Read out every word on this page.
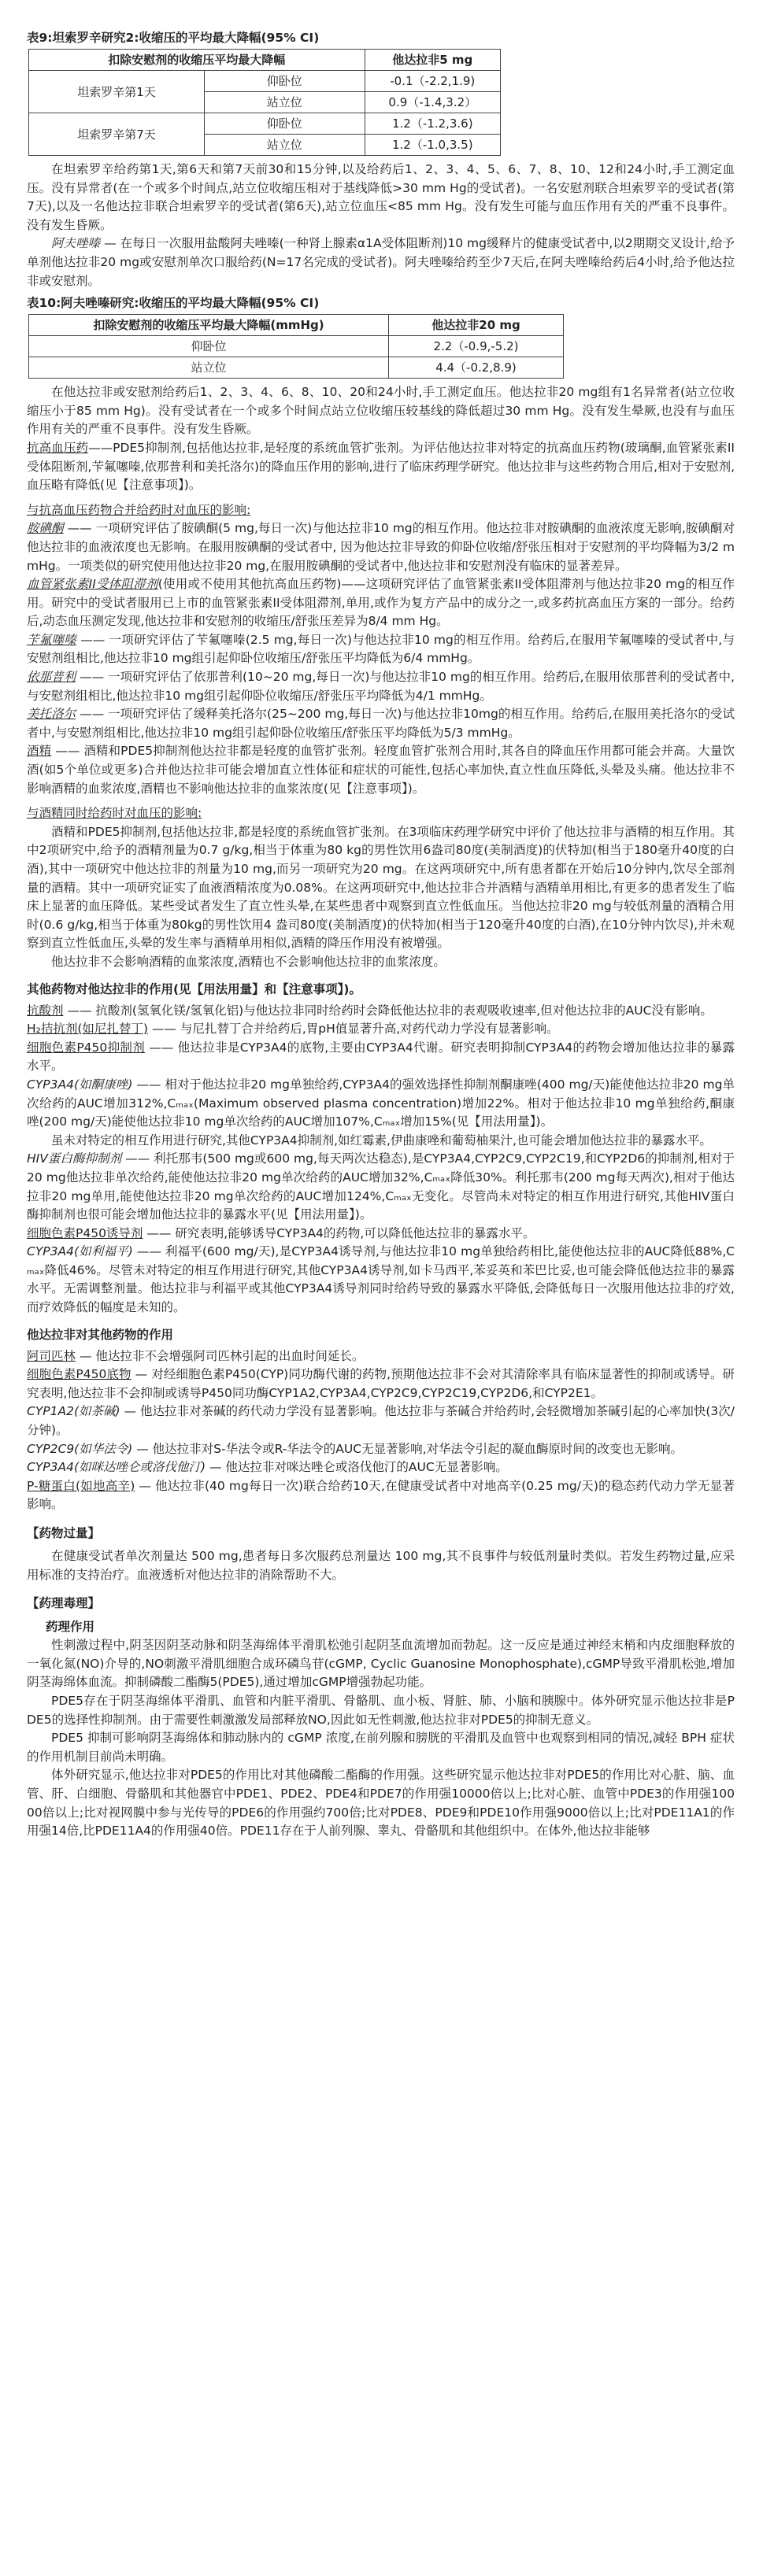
表9:坦索罗辛研究2:收缩压的平均最大降幅(95% CI)

扣除安慰剂的收缩压平均最大降幅		他达拉非5 mg
坦索罗辛第1天	仰卧位	-0.1（-2.2,1.9)
	站立位	0.9（-1.4,3.2）
坦索罗辛第7天	仰卧位	1.2（-1.2,3.6)
	站立位	1.2（-1.0,3.5)

在坦索罗辛给药第1天,第6天和第7天前30和15分钟,以及给药后1、2、3、4、5、6、7、8、10、12和24小时,手工测定血压。没有异常者(在一个或多个时间点,站立位收缩压相对于基线降低>30 mm Hg的受试者)。一名安慰剂联合坦索罗辛的受试者(第7天),以及一名他达拉非联合坦索罗辛的受试者(第6天),站立位血压<85 mm Hg。没有发生可能与血压作用有关的严重不良事件。没有发生昏厥。

阿夫唑嗪 — 在每日一次服用盐酸阿夫唑嗪(一种肾上腺素α1A受体阻断剂)10 mg缓释片的健康受试者中,以2期期交叉设计,给予单剂他达拉非20 mg或安慰剂单次口服给药(N=17名完成的受试者)。阿夫唑嗪给药至少7天后,在阿夫唑嗪给药后4小时,给予他达拉非或安慰剂。

表10:阿夫唑嗪研究:收缩压的平均最大降幅(95% CI)

扣除安慰剂的收缩压平均最大降幅(mmHg)	他达拉非20 mg
仰卧位	2.2（-0.9,-5.2)
站立位	4.4（-0.2,8.9)

在他达拉非或安慰剂给药后1、2、3、4、6、8、10、20和24小时,手工测定血压。他达拉非20 mg组有1名异常者(站立位收缩压小于85 mm Hg)。没有受试者在一个或多个时间点站立位收缩压较基线的降低超过30 mm Hg。没有发生晕厥,也没有与血压作用有关的严重不良事件。没有发生昏厥。

抗高血压药——PDE5抑制剂,包括他达拉非,是轻度的系统血管扩张剂。为评估他达拉非对特定的抗高血压药物(玻璃酮,血管紧张素II受体阻断剂,苄氟噻嗪,依那普利和美托洛尔)的降血压作用的影响,进行了临床药理学研究。他达拉非与这些药物合用后,相对于安慰剂,血压略有降低(见【注意事项】)。

与抗高血压药物合并给药时对血压的影响:

胺碘酮 —— 一项研究评估了胺碘酮(5 mg,每日一次)与他达拉非10 mg的相互作用。他达拉非对胺碘酮的血液浓度无影响,胺碘酮对他达拉非的血液浓度也无影响。在服用胺碘酮的受试者中, 因为他达拉非导致的仰卧位收缩/舒张压相对于安慰剂的平均降幅为3/2 mmHg。一项类似的研究使用他达拉非20 mg,在服用胺碘酮的受试者中,他达拉非和安慰剂没有临床的显著差异。

血管紧张素II受体阻滞剂(使用或不使用其他抗高血压药物)——这项研究评估了血管紧张素II受体阻滞剂与他达拉非20 mg的相互作用。研究中的受试者服用已上市的血管紧张素II受体阻滞剂,单用,或作为复方产品中的成分之一,或多药抗高血压方案的一部分。给药后,动态血压测定发现,他达拉非和安慰剂的收缩压/舒张压差异为8/4 mm Hg。

苄氟噻嗪 —— 一项研究评估了苄氟噻嗪(2.5 mg,每日一次)与他达拉非10 mg的相互作用。给药后,在服用苄氟噻嗪的受试者中,与安慰剂组相比,他达拉非10 mg组引起仰卧位收缩压/舒张压平均降低为6/4 mmHg。

依那普利 —— 一项研究评估了依那普利(10~20 mg,每日一次)与他达拉非10 mg的相互作用。给药后,在服用依那普利的受试者中,与安慰剂组相比,他达拉非10 mg组引起仰卧位收缩压/舒张压平均降低为4/1 mmHg。

美托洛尔 —— 一项研究评估了缓释美托洛尔(25~200 mg,每日一次)与他达拉非10mg的相互作用。给药后,在服用美托洛尔的受试者中,与安慰剂组相比,他达拉非10 mg组引起仰卧位收缩压/舒张压平均降低为5/3 mmHg。

酒精 —— 酒精和PDE5抑制剂他达拉非都是轻度的血管扩张剂。轻度血管扩张剂合用时,其各自的降血压作用都可能会并高。大量饮酒(如5个单位或更多)合并他达拉非可能会增加直立性体征和症状的可能性,包括心率加快,直立性血压降低,头晕及头痛。他达拉非不影响酒精的血浆浓度,酒精也不影响他达拉非的血浆浓度(见【注意事项】)。

与酒精同时给药时对血压的影响:

酒精和PDE5抑制剂,包括他达拉非,都是轻度的系统血管扩张剂。在3项临床药理学研究中评价了他达拉非与酒精的相互作用。其中2项研究中,给予的酒精剂量为0.7 g/kg,相当于体重为80 kg的男性饮用6盎司80度(美制酒度)的伏特加(相当于180毫升40度的白酒),其中一项研究中他达拉非的剂量为10 mg,而另一项研究为20 mg。在这两项研究中,所有患者都在开始后10分钟内,饮尽全部剂量的酒精。其中一项研究证实了血液酒精浓度为0.08%。在这两项研究中,他达拉非合并酒精与酒精单用相比,有更多的患者发生了临床上显著的血压降低。某些受试者发生了直立性头晕,在某些患者中观察到直立性低血压。当他达拉非20 mg与较低剂量的酒精合用时(0.6 g/kg,相当于体重为80kg的男性饮用4 盎司80度(美制酒度)的伏特加(相当于120毫升40度的白酒),在10分钟内饮尽),并未观察到直立性低血压,头晕的发生率与酒精单用相似,酒精的降压作用没有被增强。

他达拉非不会影响酒精的血浆浓度,酒精也不会影响他达拉非的血浆浓度。

其他药物对他达拉非的作用(见【用法用量】和【注意事项】)。

抗酸剂 —— 抗酸剂(氢氧化镁/氢氧化铝)与他达拉非同时给药时会降低他达拉非的表观吸收速率,但对他达拉非的AUC没有影响。

H₂拮抗剂(如尼扎替丁) —— 与尼扎替丁合并给药后,胃pH值显著升高,对药代动力学没有显著影响。

细胞色素P450抑制剂 —— 他达拉非是CYP3A4的底物,主要由CYP3A4代谢。研究表明抑制CYP3A4的药物会增加他达拉非的暴露水平。

CYP3A4(如酮康唑) —— 相对于他达拉非20 mg单独给药,CYP3A4的强效选择性抑制剂酮康唑(400 mg/天)能使他达拉非20 mg单次给药的AUC增加312%,Cₘₐₓ(Maximum observed plasma concentration)增加22%。相对于他达拉非10 mg单独给药,酮康唑(200 mg/天)能使他达拉非10 mg单次给药的AUC增加107%,Cₘₐₓ增加15%(见【用法用量】)。

虽未对特定的相互作用进行研究,其他CYP3A4抑制剂,如红霉素,伊曲康唑和葡萄柚果汁,也可能会增加他达拉非的暴露水平。

HIV蛋白酶抑制剂 —— 利托那韦(500 mg或600 mg,每天两次达稳态),是CYP3A4,CYP2C9,CYP2C19,和CYP2D6的抑制剂,相对于20 mg他达拉非单次给药,能使他达拉非20 mg单次给药的AUC增加32%,Cₘₐₓ降低30%。利托那韦(200 mg每天两次),相对于他达拉非20 mg单用,能使他达拉非20 mg单次给药的AUC增加124%,Cₘₐₓ无变化。尽管尚未对特定的相互作用进行研究,其他HIV蛋白酶抑制剂也很可能会增加他达拉非的暴露水平(见【用法用量】)。

细胞色素P450诱导剂 —— 研究表明,能够诱导CYP3A4的药物,可以降低他达拉非的暴露水平。

CYP3A4(如利福平) —— 利福平(600 mg/天),是CYP3A4诱导剂,与他达拉非10 mg单独给药相比,能使他达拉非的AUC降低88%,Cₘₐₓ降低46%。尽管未对特定的相互作用进行研究,其他CYP3A4诱导剂,如卡马西平,苯妥英和苯巴比妥,也可能会降低他达拉非的暴露水平。无需调整剂量。他达拉非与利福平或其他CYP3A4诱导剂同时给药导致的暴露水平降低,会降低每日一次服用他达拉非的疗效,而疗效降低的幅度是未知的。

他达拉非对其他药物的作用

阿司匹林 — 他达拉非不会增强阿司匹林引起的出血时间延长。

细胞色素P450底物 — 对经细胞色素P450(CYP)同功酶代谢的药物,预期他达拉非不会对其清除率具有临床显著性的抑制或诱导。研究表明,他达拉非不会抑制或诱导P450同功酶CYP1A2,CYP3A4,CYP2C9,CYP2C19,CYP2D6,和CYP2E1。

CYP1A2(如茶碱) — 他达拉非对茶碱的药代动力学没有显著影响。他达拉非与茶碱合并给药时,会轻微增加茶碱引起的心率加快(3次/分钟)。

CYP2C9(如华法令) — 他达拉非对S-华法令或R-华法令的AUC无显著影响,对华法令引起的凝血酶原时间的改变也无影响。

CYP3A4(如咪达唑仑或洛伐他汀) — 他达拉非对咪达唑仑或洛伐他汀的AUC无显著影响。

P-糖蛋白(如地高辛) — 他达拉非(40 mg每日一次)联合给药10天,在健康受试者中对地高辛(0.25 mg/天)的稳态药代动力学无显著影响。

【药物过量】

在健康受试者单次剂量达 500 mg,患者每日多次服药总剂量达 100 mg,其不良事件与较低剂量时类似。若发生药物过量,应采用标准的支持治疗。血液透析对他达拉非的消除帮助不大。

【药理毒理】

药理作用

性刺激过程中,阴茎因阴茎动脉和阴茎海绵体平滑肌松弛引起阴茎血流增加而勃起。这一反应是通过神经末梢和内皮细胞释放的一氧化氮(NO)介导的,NO刺激平滑肌细胞合成环磷鸟苷(cGMP, Cyclic Guanosine Monophosphate),cGMP导致平滑肌松弛,增加阴茎海绵体血流。抑制磷酸二酯酶5(PDE5),通过增加cGMP增强勃起功能。

PDE5存在于阴茎海绵体平滑肌、血管和内脏平滑肌、骨骼肌、血小板、肾脏、肺、小脑和胰腺中。体外研究显示他达拉非是PDE5的选择性抑制剂。由于需要性刺激激发局部释放NO,因此如无性刺激,他达拉非对PDE5的抑制无意义。

PDE5 抑制可影响阴茎海绵体和肺动脉内的 cGMP 浓度,在前列腺和膀胱的平滑肌及血管中也观察到相同的情况,减轻 BPH 症状的作用机制目前尚未明确。

体外研究显示,他达拉非对PDE5的作用比对其他磷酸二酯酶的作用强。这些研究显示他达拉非对PDE5的作用比对心脏、脑、血管、肝、白细胞、骨骼肌和其他器官中PDE1、PDE2、PDE4和PDE7的作用强10000倍以上;比对心脏、血管中PDE3的作用强10000倍以上;比对视网膜中参与光传导的PDE6的作用强约700倍;比对PDE8、PDE9和PDE10作用强9000倍以上;比对PDE11A1的作用强14倍,比PDE11A4的作用强40倍。PDE11存在于人前列腺、睾丸、骨骼肌和其他组织中。在体外,他达拉非能够
